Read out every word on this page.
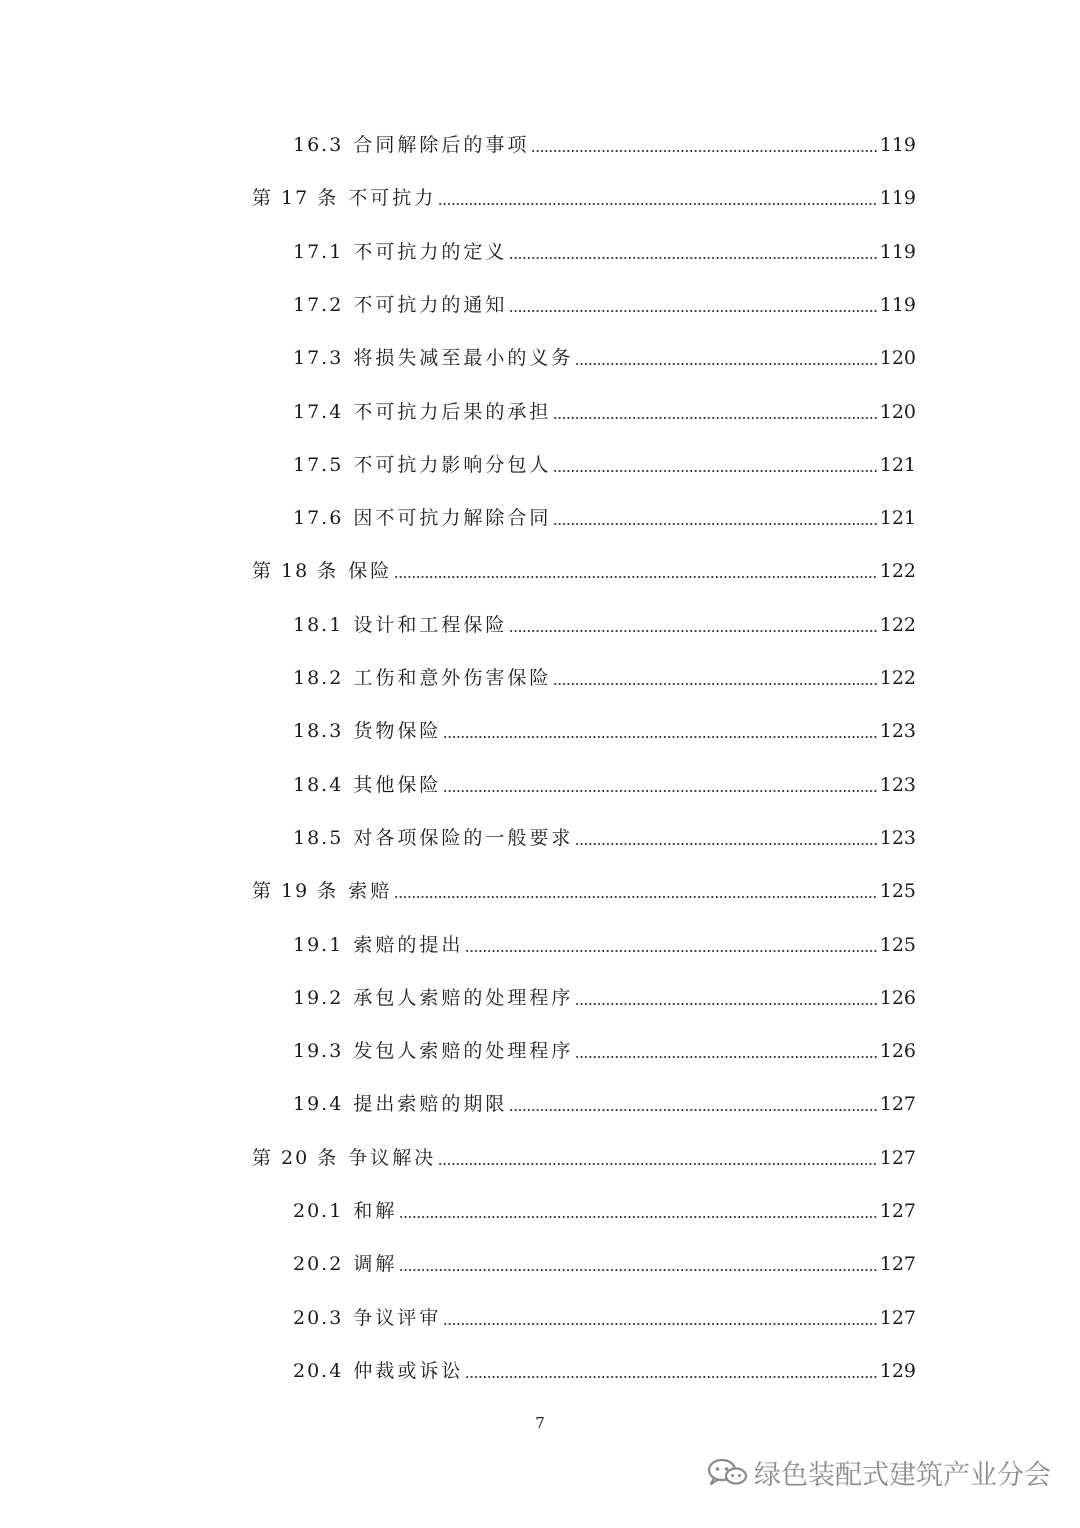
16.3 合同解除后的事项	119
第 17 条 不可抗力	119
17.1 不可抗力的定义	119
17.2 不可抗力的通知	119
17.3 将损失减至最小的义务	120
17.4 不可抗力后果的承担	120
17.5 不可抗力影响分包人	121
17.6 因不可抗力解除合同	121
第 18 条 保险	122
18.1 设计和工程保险	122
18.2 工伤和意外伤害保险	122
18.3 货物保险	123
18.4 其他保险	123
18.5 对各项保险的一般要求	123
第 19 条 索赔	125
19.1 索赔的提出	125
19.2 承包人索赔的处理程序	126
19.3 发包人索赔的处理程序	126
19.4 提出索赔的期限	127
第 20 条 争议解决	127
20.1 和解	127
20.2 调解	127
20.3 争议评审	127
20.4 仲裁或诉讼	129
7
绿色装配式建筑产业分会
